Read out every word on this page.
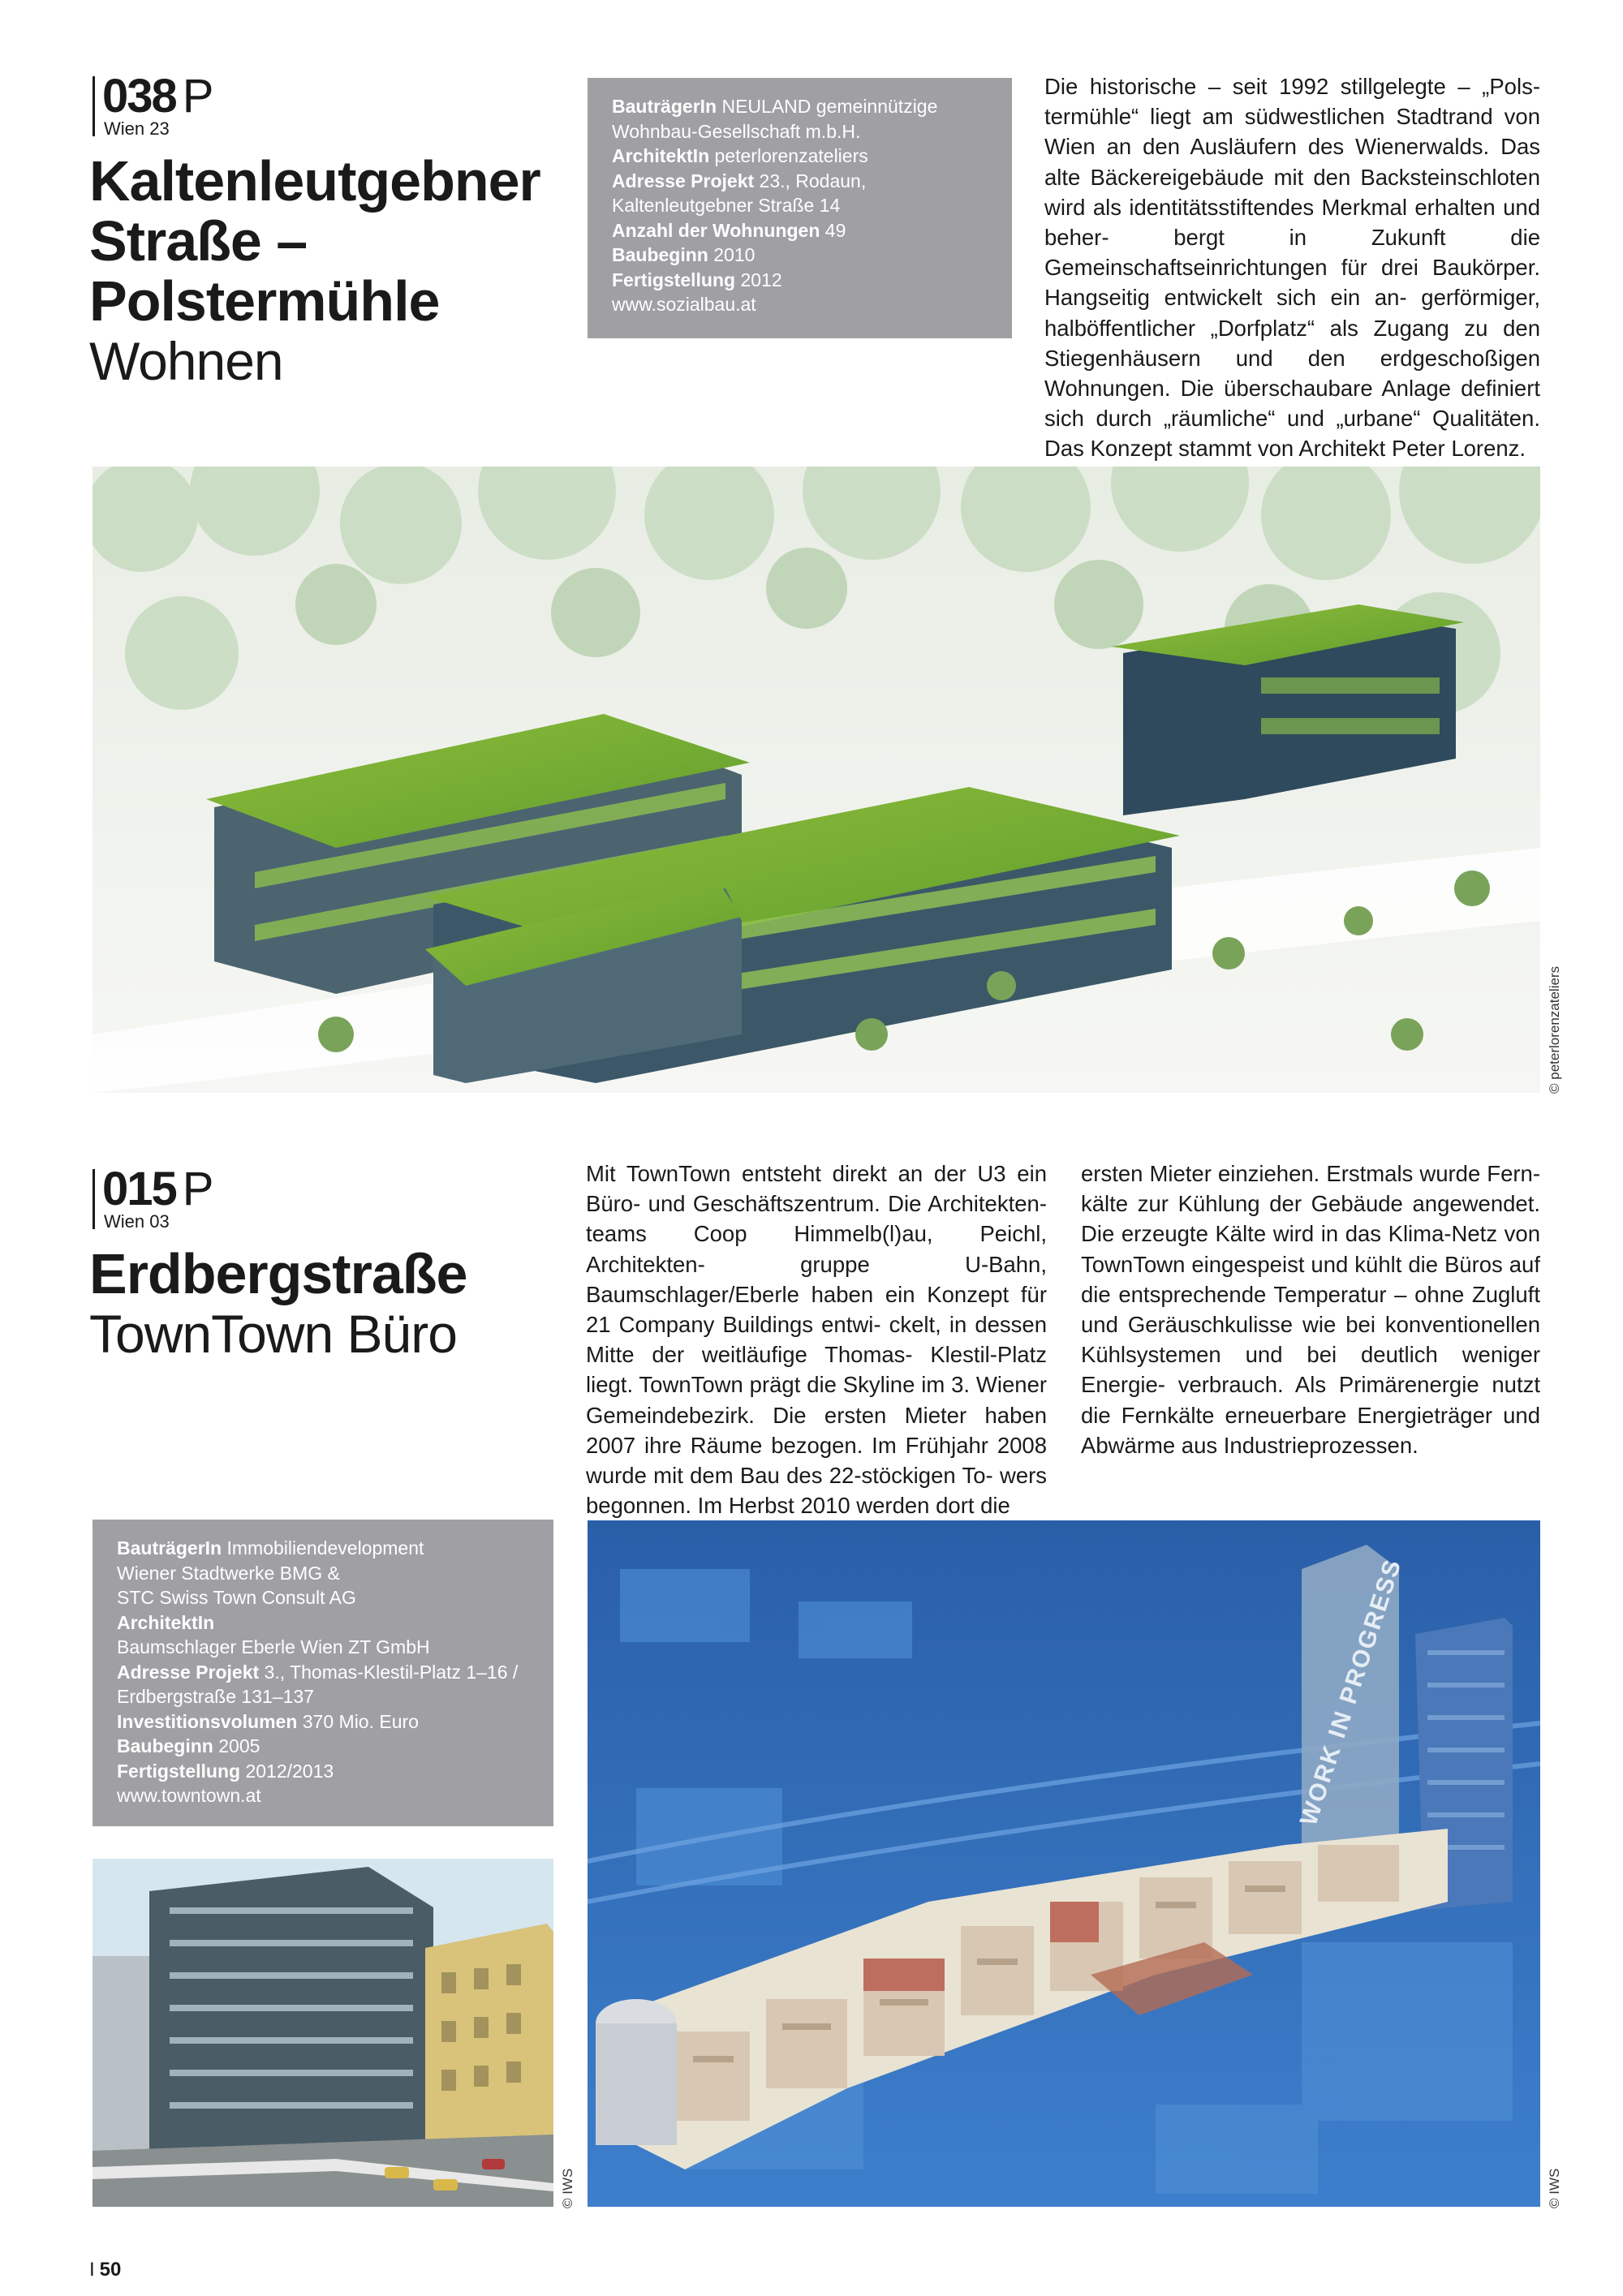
038 P
Wien 23
Kaltenleutgebner
Straße –
Polstermühle
Wohnen
BauträgerIn NEULAND gemeinnützige
Wohnbau-Gesellschaft m.b.H.
ArchitektIn peterlorenzateliers
Adresse Projekt 23., Rodaun,
Kaltenleutgebner Straße 14
Anzahl der Wohnungen 49
Baubeginn 2010
Fertigstellung 2012
www.sozialbau.at

Die historische – seit 1992 stillgelegte – „Pols- termühle“ liegt am südwestlichen Stadtrand von Wien an den Ausläufern des Wienerwalds. Das alte Bäckereigebäude mit den Backsteinschloten wird als identitätsstiftendes Merkmal erhalten und beher-	bergt in Zukunft die Gemeinschaftseinrichtungen für drei Baukörper. Hangseitig entwickelt sich ein an- gerförmiger, halböffentlicher „Dorfplatz“ als Zugang zu den Stiegenhäusern und den erdgeschoßigen Wohnungen. Die überschaubare Anlage definiert sich durch „räumliche“ und „urbane“ Qualitäten. Das Konzept stammt von Architekt Peter Lorenz.

© peterlorenzateliers
015 P
Wien 03
Erdbergstraße
TownTown Büro

Mit TownTown entsteht direkt an der U3 ein Büro- und Geschäftszentrum. Die Architekten- teams Coop Himmelb(l)au, Peichl, Architekten-	gruppe U-Bahn, Baumschlager/Eberle haben ein Konzept für 21 Company Buildings entwi- ckelt, in dessen Mitte der weitläufige Thomas- Klestil-Platz liegt. TownTown prägt die Skyline im 3. Wiener Gemeindebezirk. Die ersten Mieter haben 2007 ihre Räume bezogen. Im Frühjahr 2008 wurde mit dem Bau des 22-stöckigen To- wers begonnen. Im Herbst 2010 werden dort die

ersten Mieter einziehen. Erstmals wurde Fern- kälte zur Kühlung der Gebäude angewendet. Die erzeugte Kälte wird in das Klima-Netz von TownTown eingespeist und kühlt die Büros auf die entsprechende Temperatur – ohne Zugluft und Geräuschkulisse wie bei konventionellen Kühlsystemen und bei deutlich weniger Energie- verbrauch. Als Primärenergie nutzt die Fernkälte erneuerbare Energieträger und Abwärme aus Industrieprozessen.

BauträgerIn Immobiliendevelopment
Wiener Stadtwerke BMG &
STC Swiss Town Consult AG
ArchitektIn
Baumschlager Eberle Wien ZT GmbH
Adresse Projekt 3., Thomas-Klestil-Platz 1–16 /
Erdbergstraße 131–137
Investitionsvolumen 370 Mio. Euro
Baubeginn 2005
Fertigstellung 2012/2013
www.towntown.at
© IWS
WORK IN PROGRESS
© IWS
I 50
